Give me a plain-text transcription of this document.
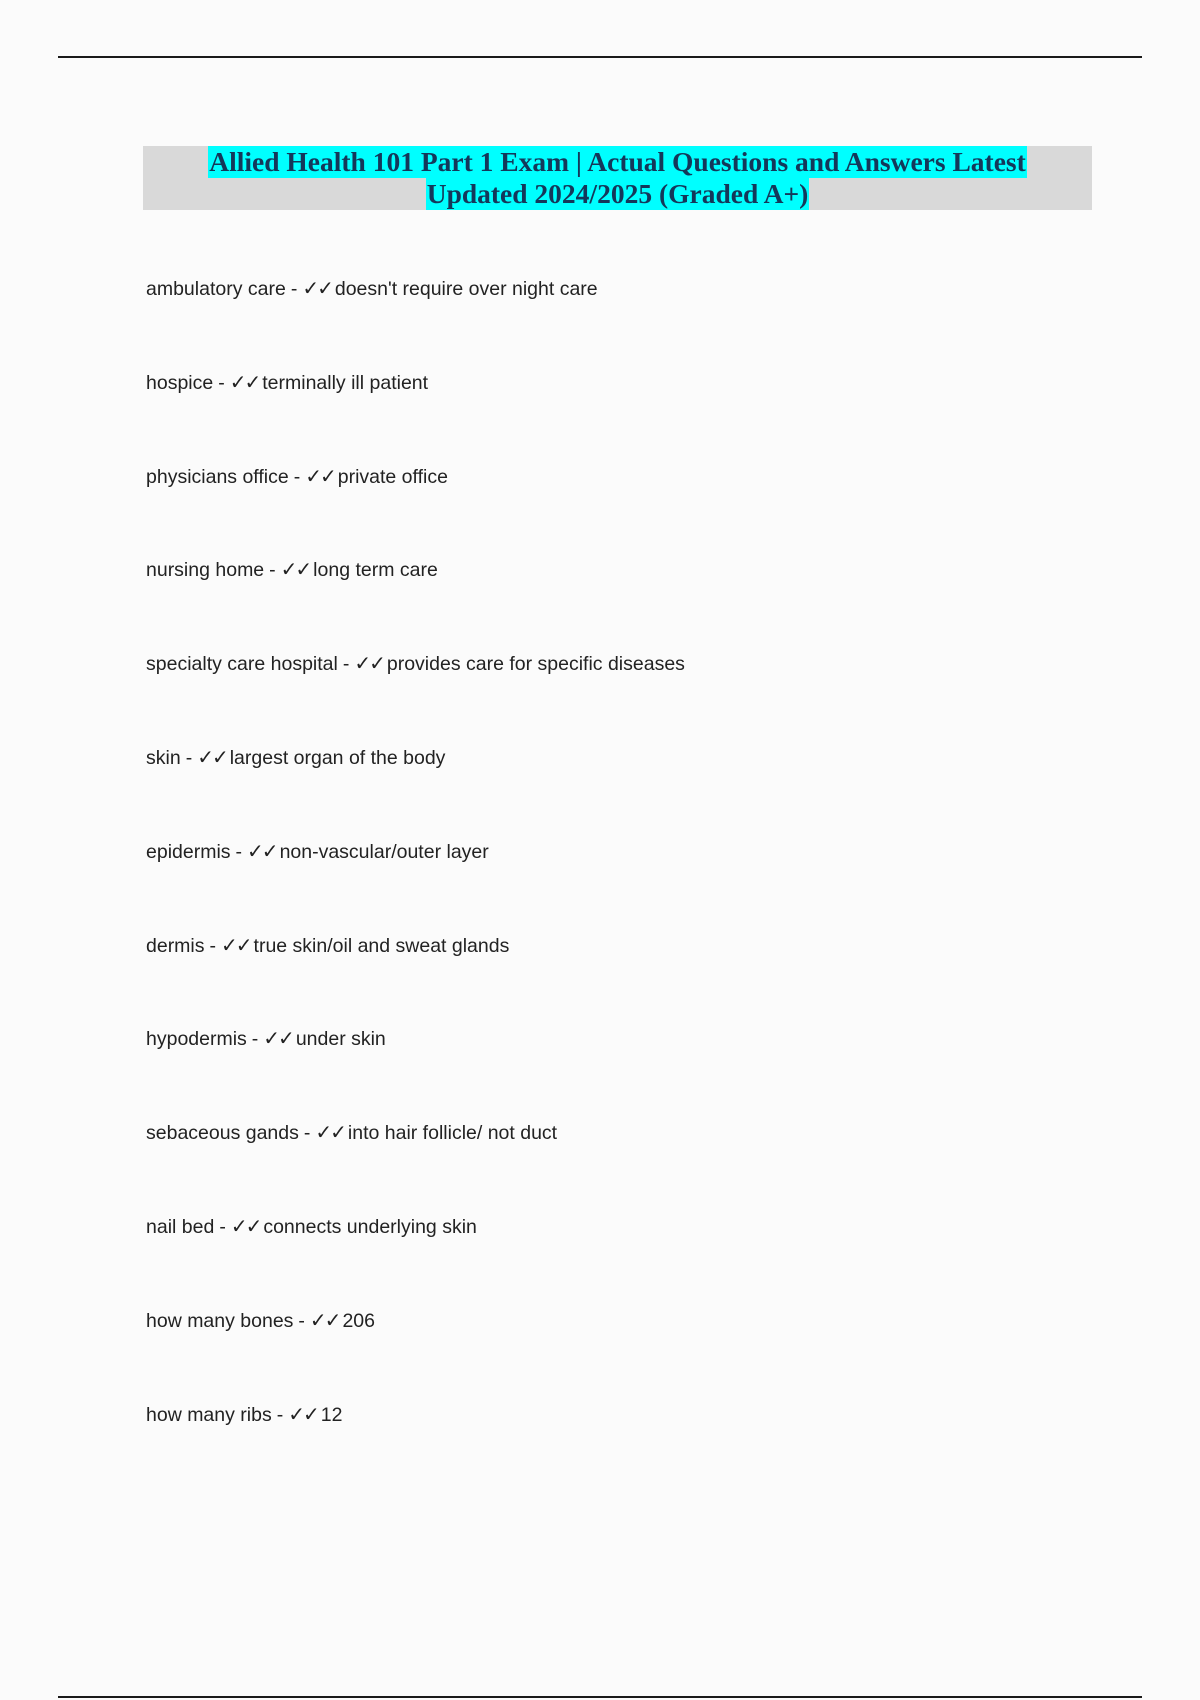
Allied Health 101 Part 1 Exam | Actual Questions and Answers Latest
Updated 2024/2025 (Graded A+)
ambulatory care - ✓✓ doesn't require over night care
hospice - ✓✓ terminally ill patient
physicians office - ✓✓ private office
nursing home - ✓✓ long term care
specialty care hospital - ✓✓ provides care for specific diseases
skin - ✓✓ largest organ of the body
epidermis - ✓✓ non-vascular/outer layer
dermis - ✓✓ true skin/oil and sweat glands
hypodermis - ✓✓ under skin
sebaceous gands - ✓✓ into hair follicle/ not duct
nail bed - ✓✓ connects underlying skin
how many bones - ✓✓ 206
how many ribs - ✓✓ 12
